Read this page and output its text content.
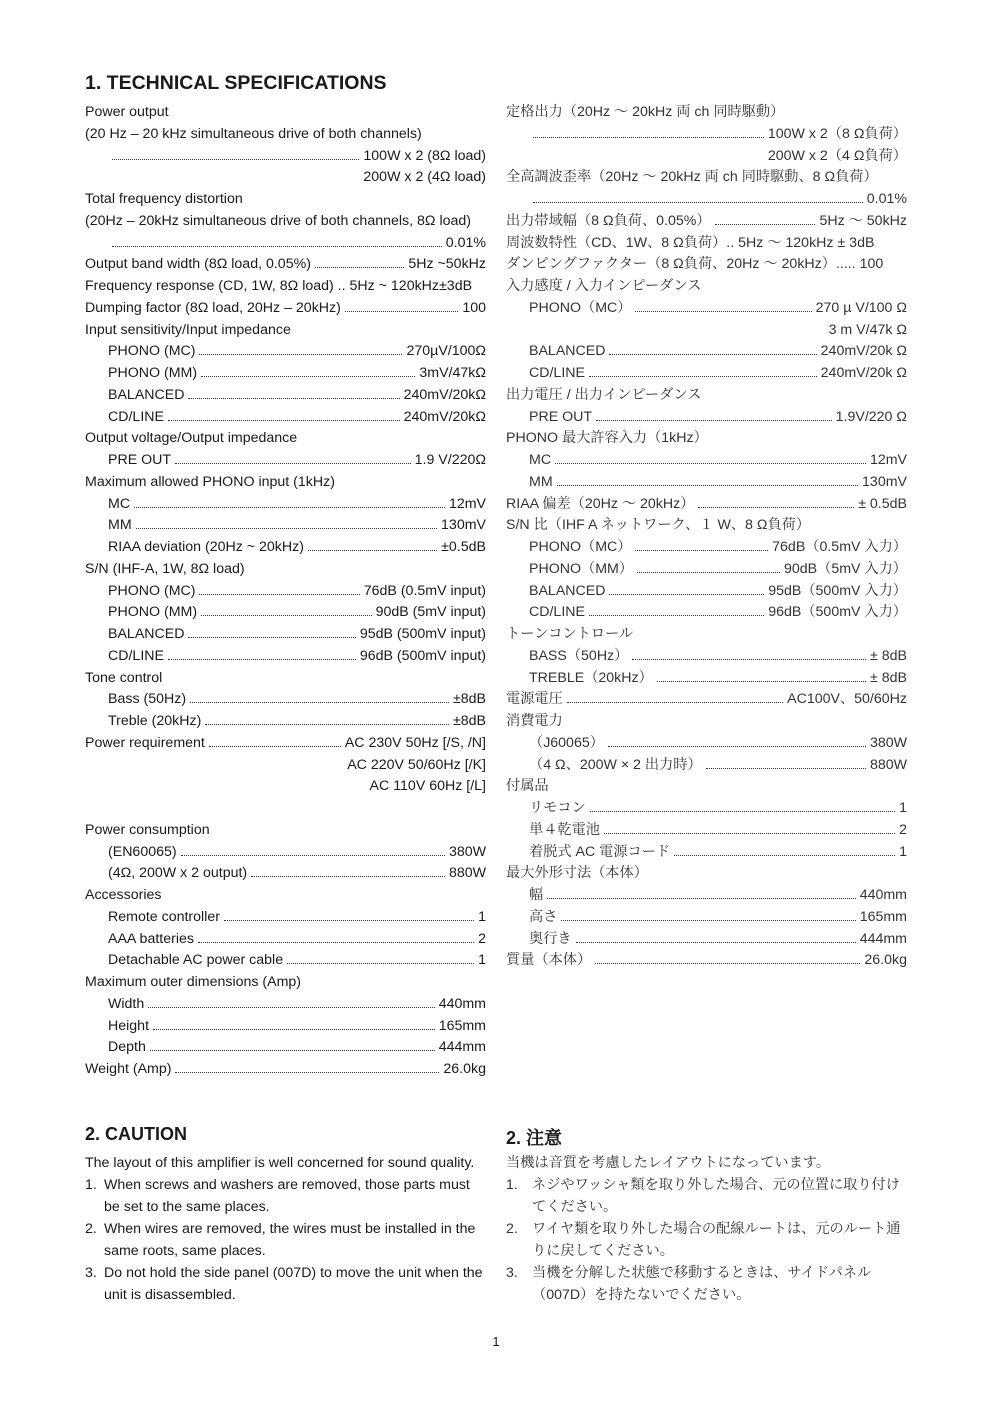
1. TECHNICAL SPECIFICATIONS
Power output
(20 Hz – 20 kHz simultaneous drive of both channels)
100W x 2 (8Ω load)
200W x 2 (4Ω load)
Total frequency distortion
(20Hz – 20kHz simultaneous drive of both channels, 8Ω load)
0.01%
Output band width (8Ω load, 0.05%)	5Hz ~50kHz
Frequency response (CD, 1W, 8Ω load) .. 5Hz ~ 120kHz±3dB
Dumping factor (8Ω load, 20Hz – 20kHz)	100
Input sensitivity/Input impedance
PHONO (MC)	270µV/100Ω
PHONO (MM)	3mV/47kΩ
BALANCED	240mV/20kΩ
CD/LINE	240mV/20kΩ
Output voltage/Output impedance
PRE OUT	1.9 V/220Ω
Maximum allowed PHONO input (1kHz)
MC	12mV
MM	130mV
RIAA deviation (20Hz ~ 20kHz)	±0.5dB
S/N (IHF-A, 1W, 8Ω load)
PHONO (MC)	76dB (0.5mV input)
PHONO (MM)	90dB (5mV input)
BALANCED	95dB (500mV input)
CD/LINE	96dB (500mV input)
Tone control
Bass (50Hz)	±8dB
Treble (20kHz)	±8dB
Power requirement	AC 230V 50Hz [/S, /N]
AC 220V 50/60Hz [/K]
AC 110V 60Hz [/L]
Power consumption
(EN60065)	380W
(4Ω, 200W x 2 output)	880W
Accessories
Remote controller	1
AAA batteries	2
Detachable AC power cable	1
Maximum outer dimensions (Amp)
Width	440mm
Height	165mm
Depth	444mm
Weight (Amp)	26.0kg
定格出力（20Hz 〜 20kHz 両 ch 同時駆動）
100W x 2（8 Ω負荷）
200W x 2（4 Ω負荷）
全高調波歪率（20Hz 〜 20kHz 両 ch 同時駆動、8 Ω負荷）
0.01%
出力帯域幅（8 Ω負荷、0.05%）	5Hz 〜 50kHz
周波数特性（CD、1W、8 Ω負荷）.. 5Hz 〜 120kHz ± 3dB
ダンピングファクター（8 Ω負荷、20Hz 〜 20kHz）..... 100
入力感度 / 入力インピーダンス
PHONO（MC）	270 µ V/100 Ω
3 m V/47k Ω
BALANCED	240mV/20k Ω
CD/LINE	240mV/20k Ω
出力電圧 / 出力インピーダンス
PRE OUT	1.9V/220 Ω
PHONO 最大許容入力（1kHz）
MC	12mV
MM	130mV
RIAA 偏差（20Hz 〜 20kHz）	± 0.5dB
S/N 比（IHF A ネットワーク、１ W、8 Ω負荷）
PHONO（MC）	76dB（0.5mV 入力）
PHONO（MM）	90dB（5mV 入力）
BALANCED	95dB（500mV 入力）
CD/LINE	96dB（500mV 入力）
トーンコントロール
BASS（50Hz）	± 8dB
TREBLE（20kHz）	± 8dB
電源電圧	AC100V、50/60Hz
消費電力
（J60065）	380W
（4 Ω、200W × 2 出力時）	880W
付属品
リモコン	1
単４乾電池	2
着脱式 AC 電源コード	1
最大外形寸法（本体）
幅	440mm
高さ	165mm
奥行き	444mm
質量（本体）	26.0kg
2. CAUTION	2. 注意

The layout of this amplifier is well concerned for sound quality.

1. When screws and washers are removed, those parts must be set to the same places.
2. When wires are removed, the wires must be installed in the same roots, same places.
3. Do not hold the side panel (007D) to move the unit when the unit is disassembled.

当機は音質を考慮したレイアウトになっています。

1. ネジやワッシャ類を取り外した場合、元の位置に取り付けてください。
2. ワイヤ類を取り外した場合の配線ルートは、元のルート通りに戻してください。
3. 当機を分解した状態で移動するときは、サイドパネル（007D）を持たないでください。
1
